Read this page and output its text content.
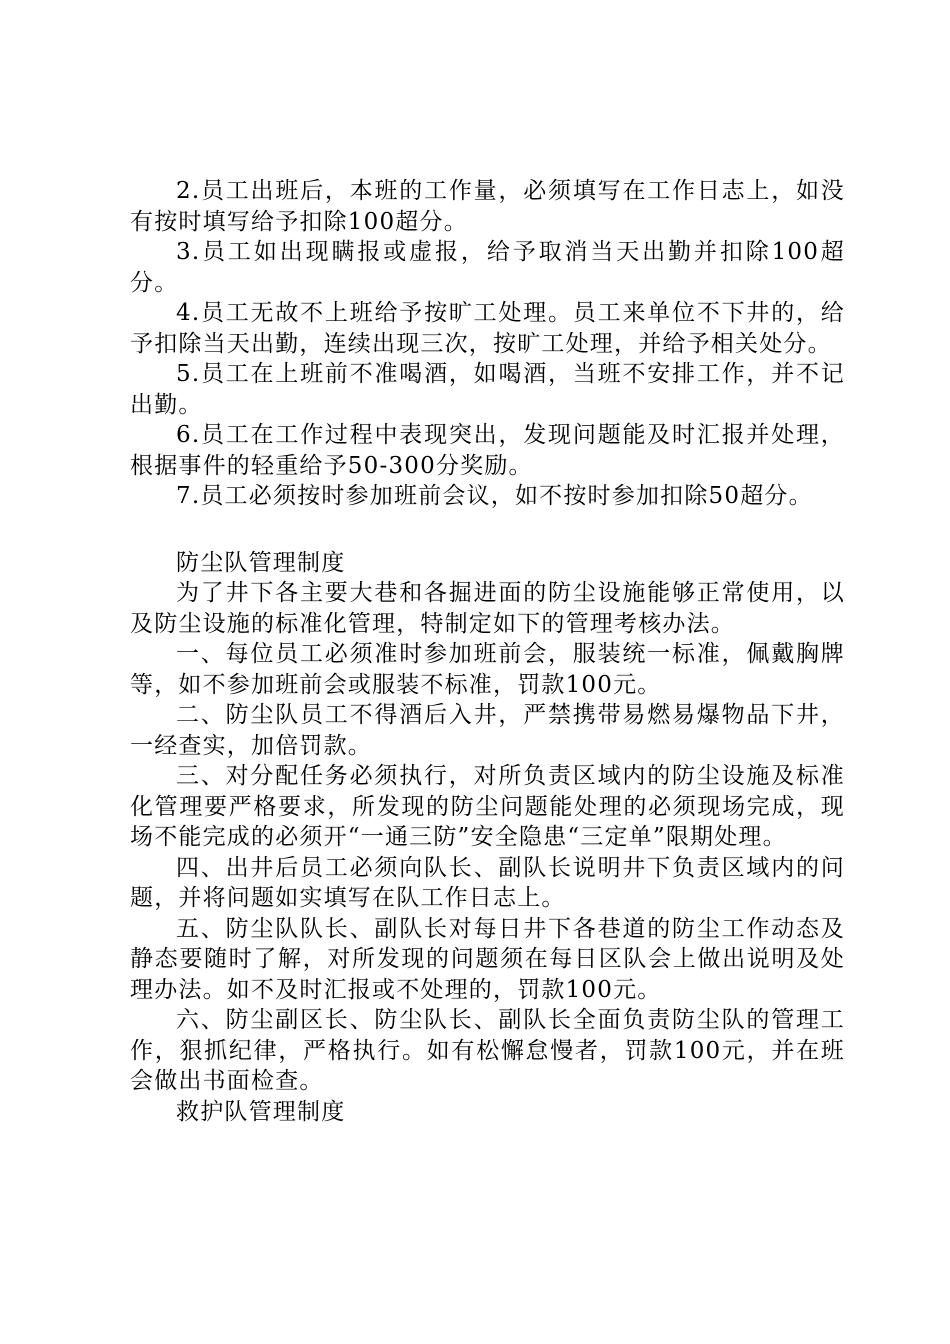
2.员工出班后，本班的工作量，必须填写在工作日志上，如没有按时填写给予扣除100超分。

3.员工如出现瞒报或虚报，给予取消当天出勤并扣除100超分。

4.员工无故不上班给予按旷工处理。员工来单位不下井的，给予扣除当天出勤，连续出现三次，按旷工处理，并给予相关处分。

5.员工在上班前不准喝酒，如喝酒，当班不安排工作，并不记出勤。

6.员工在工作过程中表现突出，发现问题能及时汇报并处理，根据事件的轻重给予50-300分奖励。

7.员工必须按时参加班前会议，如不按时参加扣除50超分。

防尘队管理制度

为了井下各主要大巷和各掘进面的防尘设施能够正常使用，以及防尘设施的标准化管理，特制定如下的管理考核办法。

一、每位员工必须准时参加班前会，服装统一标准，佩戴胸牌等，如不参加班前会或服装不标准，罚款100元。

二、防尘队员工不得酒后入井，严禁携带易燃易爆物品下井，一经查实，加倍罚款。

三、对分配任务必须执行，对所负责区域内的防尘设施及标准化管理要严格要求，所发现的防尘问题能处理的必须现场完成，现场不能完成的必须开“一通三防”安全隐患“三定单”限期处理。

四、出井后员工必须向队长、副队长说明井下负责区域内的问题，并将问题如实填写在队工作日志上。

五、防尘队队长、副队长对每日井下各巷道的防尘工作动态及静态要随时了解，对所发现的问题须在每日区队会上做出说明及处理办法。如不及时汇报或不处理的，罚款100元。

六、防尘副区长、防尘队长、副队长全面负责防尘队的管理工作，狠抓纪律，严格执行。如有松懈怠慢者，罚款100元，并在班会做出书面检查。

救护队管理制度
